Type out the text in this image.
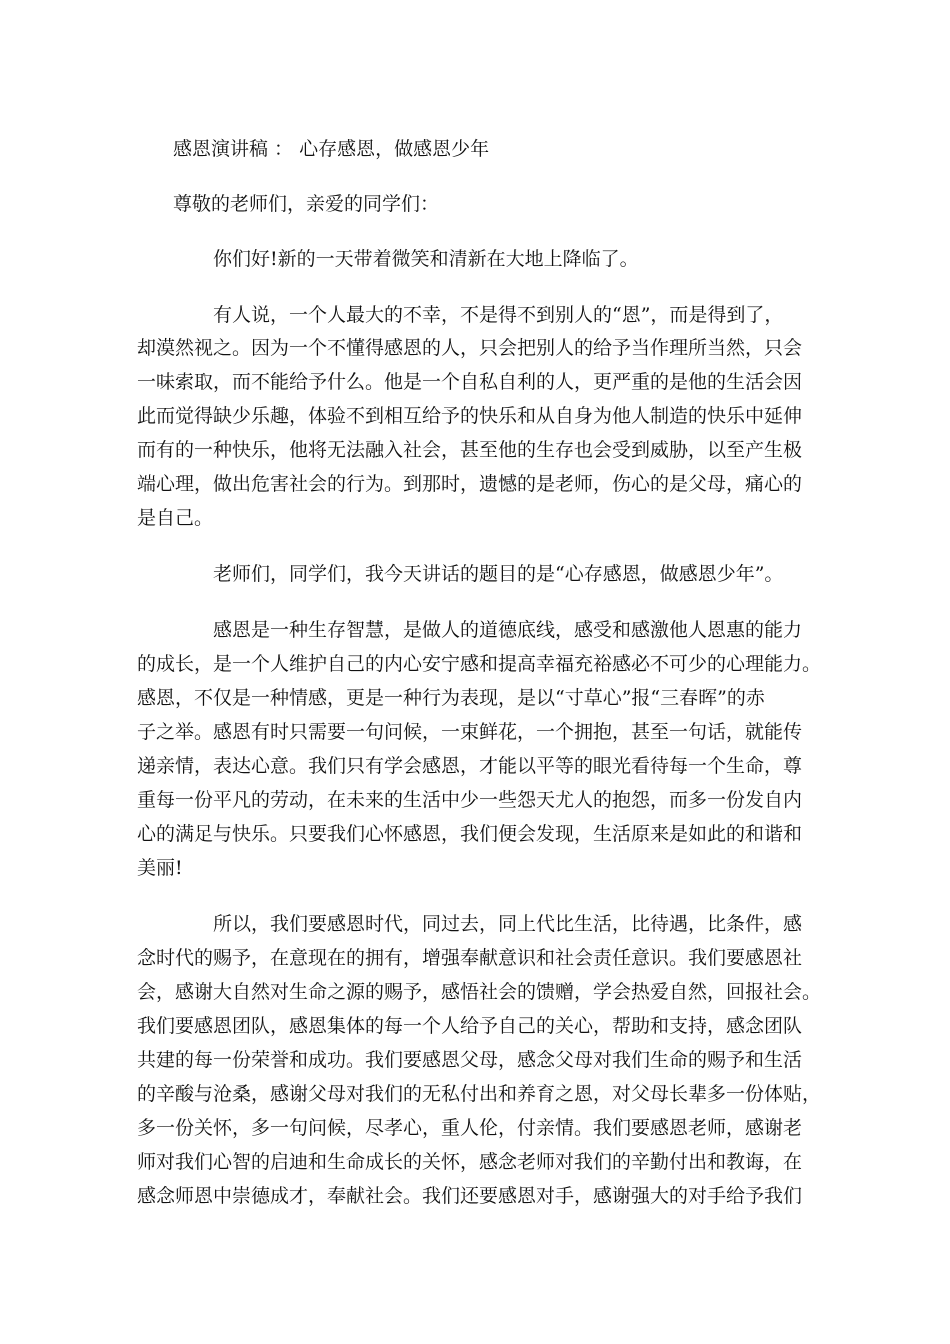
感恩演讲稿 ： 心存感恩，做感恩少年
尊敬的老师们，亲爱的同学们：
你们好!新的一天带着微笑和清新在大地上降临了。
有人说，一个人最大的不幸，不是得不到别人的“恩”，而是得到了，
却漠然视之。因为一个不懂得感恩的人，只会把别人的给予当作理所当然，只会
一味索取，而不能给予什么。他是一个自私自利的人，更严重的是他的生活会因
此而觉得缺少乐趣，体验不到相互给予的快乐和从自身为他人制造的快乐中延伸
而有的一种快乐，他将无法融入社会，甚至他的生存也会受到威胁，以至产生极
端心理，做出危害社会的行为。到那时，遗憾的是老师，伤心的是父母，痛心的
是自己。
老师们，同学们，我今天讲话的题目的是“心存感恩，做感恩少年”。
感恩是一种生存智慧，是做人的道德底线，感受和感激他人恩惠的能力
的成长，是一个人维护自己的内心安宁感和提高幸福充裕感必不可少的心理能力。
感恩，不仅是一种情感，更是一种行为表现，是以“寸草心”报“三春晖”的赤
子之举。感恩有时只需要一句问候，一束鲜花，一个拥抱，甚至一句话，就能传
递亲情，表达心意。我们只有学会感恩，才能以平等的眼光看待每一个生命，尊
重每一份平凡的劳动，在未来的生活中少一些怨天尤人的抱怨，而多一份发自内
心的满足与快乐。只要我们心怀感恩，我们便会发现，生活原来是如此的和谐和
美丽!
所以，我们要感恩时代，同过去，同上代比生活，比待遇，比条件，感
念时代的赐予，在意现在的拥有，增强奉献意识和社会责任意识。我们要感恩社
会，感谢大自然对生命之源的赐予，感悟社会的馈赠，学会热爱自然，回报社会。
我们要感恩团队，感恩集体的每一个人给予自己的关心，帮助和支持，感念团队
共建的每一份荣誉和成功。我们要感恩父母，感念父母对我们生命的赐予和生活
的辛酸与沧桑，感谢父母对我们的无私付出和养育之恩，对父母长辈多一份体贴，
多一份关怀，多一句问候，尽孝心，重人伦，付亲情。我们要感恩老师，感谢老
师对我们心智的启迪和生命成长的关怀，感念老师对我们的辛勤付出和教诲，在
感念师恩中崇德成才，奉献社会。我们还要感恩对手，感谢强大的对手给予我们
